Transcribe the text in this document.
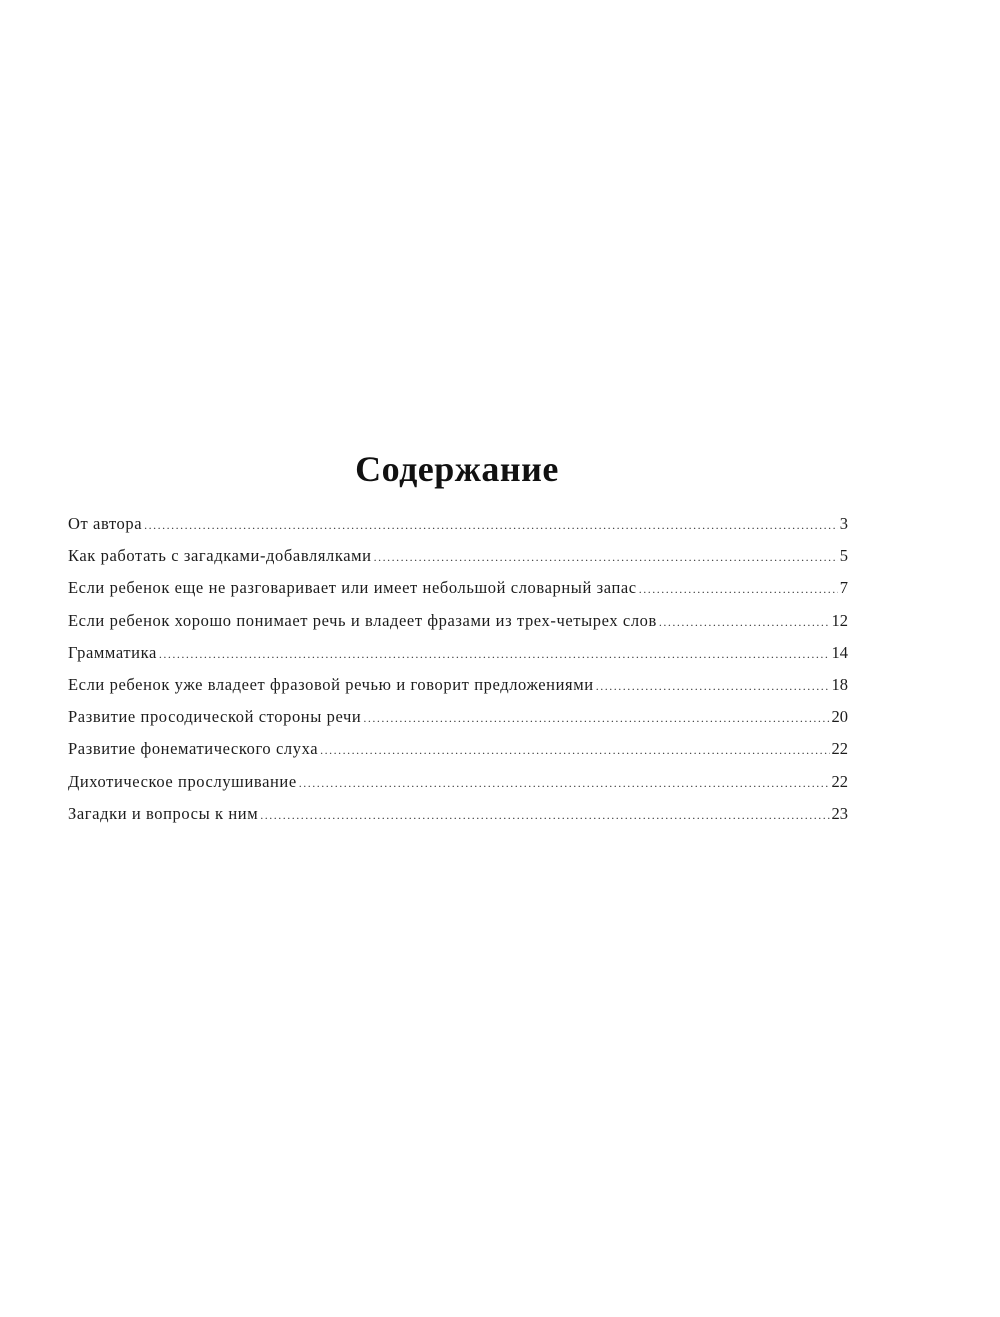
Содержание
От автора .....	3
Как работать с загадками-добавлялками .....	5
Если ребенок еще не разговаривает или имеет небольшой словарный запас .....	7
Если ребенок хорошо понимает речь и владеет фразами из трех-четырех слов .....	12
Грамматика .....	14
Если ребенок уже владеет фразовой речью и говорит предложениями .....	18
Развитие просодической стороны речи .....	20
Развитие фонематического слуха .....	22
Дихотическое прослушивание .....	22
Загадки и вопросы к ним .....	23
